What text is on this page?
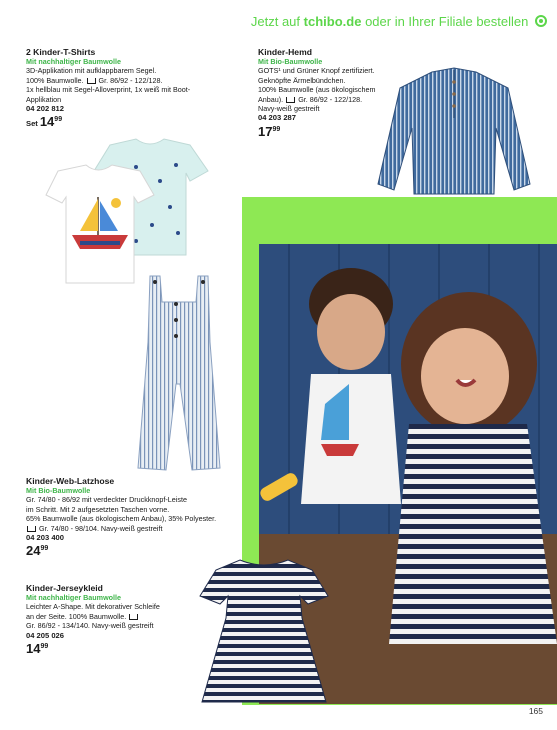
Jetzt auf tchibo.de oder in Ihrer Filiale bestellen
2 Kinder-T-Shirts
Mit nachhaltiger Baumwolle
3D-Applikation mit aufklappbarem Segel.
100% Baumwolle. Gr. 86/92 - 122/128.
1x hellblau mit Segel-Alloverprint, 1x weiß mit Boot-
Applikation
04 202 812
Set $14^{99}$
Kinder-Hemd
Mit Bio-Baumwolle
GOTS¹ und Grüner Knopf zertifiziert.
Geknöpfte Ärmelbündchen.
100% Baumwolle (aus ökologischem
Anbau). Gr. 86/92 - 122/128.
Navy-weiß gestreift
04 203 287
$17^{99}$
Kinder-Web-Latzhose
Mit Bio-Baumwolle
Gr. 74/80 - 86/92 mit verdeckter Druckknopf-Leiste
im Schritt. Mit 2 aufgesetzten Taschen vorne.
65% Baumwolle (aus ökologischem Anbau), 35% Polyester.
Gr. 74/80 - 98/104. Navy-weiß gestreift
04 203 400
$24^{99}$
Kinder-Jerseykleid
Mit nachhaltiger Baumwolle
Leichter A-Shape. Mit dekorativer Schleife
an der Seite. 100% Baumwolle.
Gr. 86/92 - 134/140. Navy-weiß gestreift
04 205 026
$14^{99}$
165
